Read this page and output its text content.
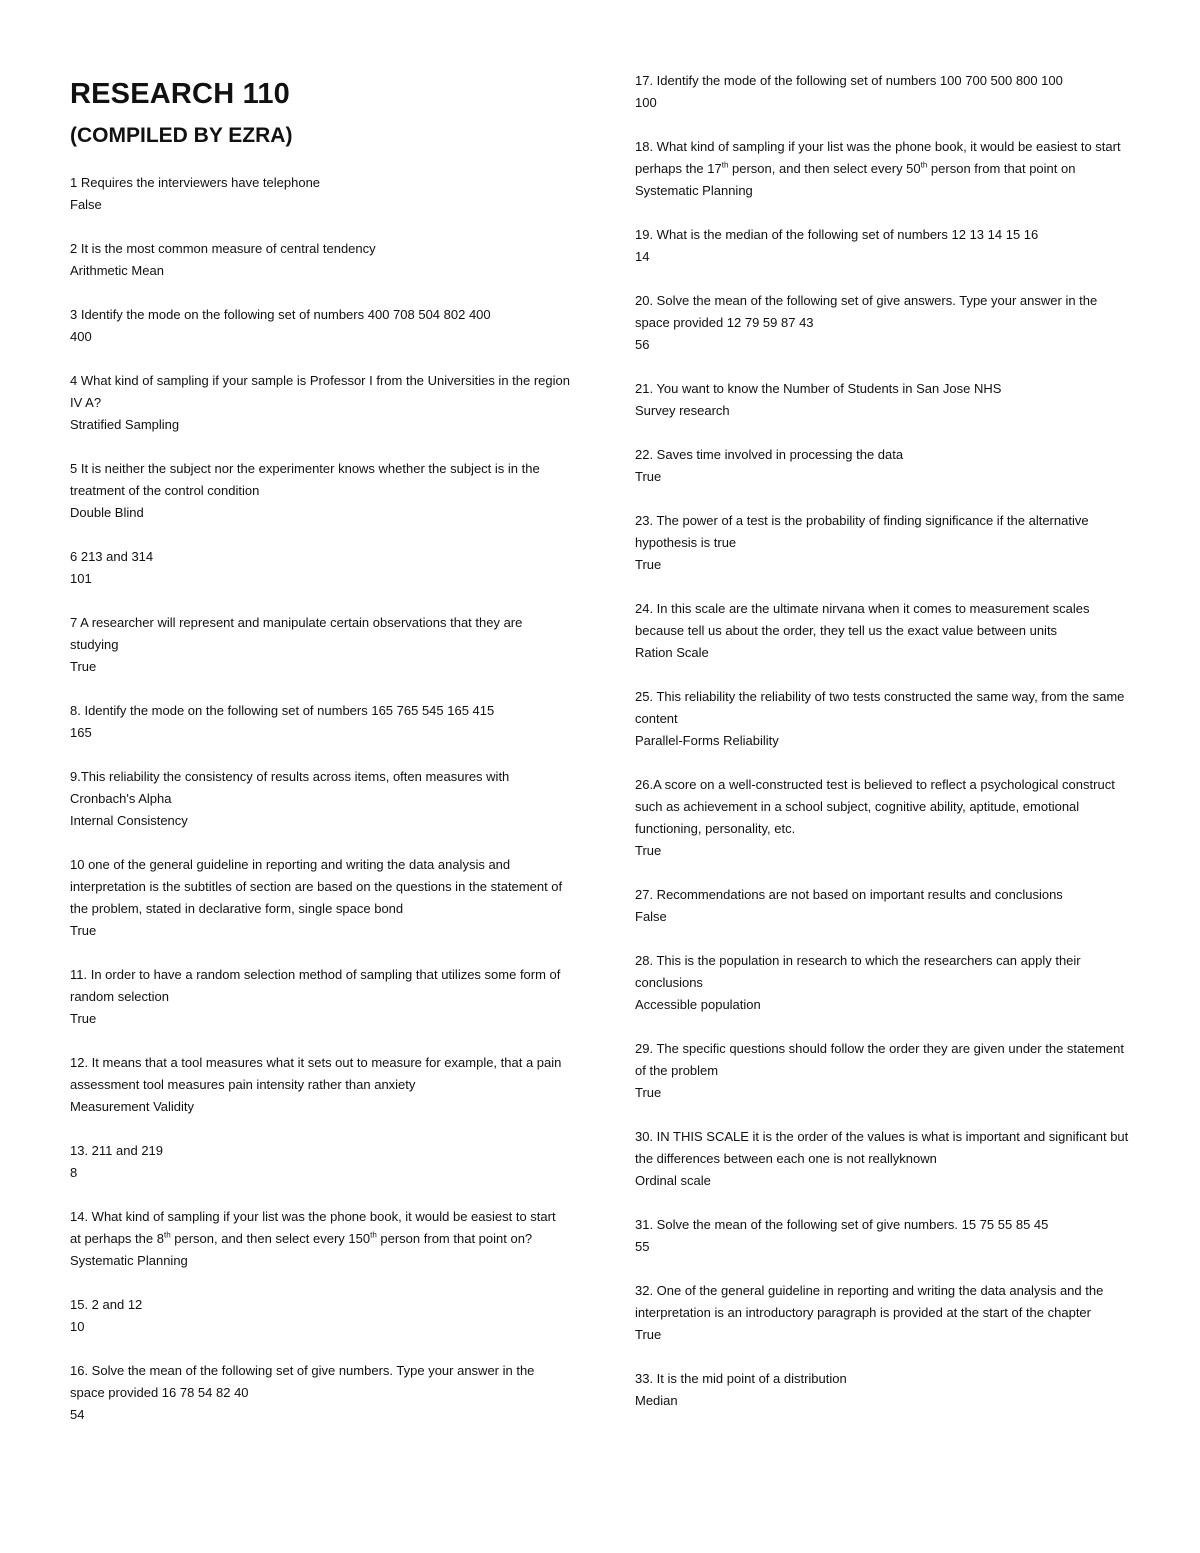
RESEARCH 110
(COMPILED BY EZRA)

1 Requires the interviewers have telephone

False

2 It is the most common measure of central tendency

Arithmetic Mean

3 Identify the mode on the following set of numbers 400 708 504 802 400

400

4 What kind of sampling if your sample is Professor I from the Universities in the region IV A?

Stratified Sampling

5 It is neither the subject nor the experimenter knows whether the subject is in the treatment of the control condition

Double Blind

6 213 and 314

101

7 A researcher will represent and manipulate certain observations that they are studying

True

8. Identify the mode on the following set of numbers 165 765 545 165 415

165

9.This reliability the consistency of results across items, often measures with Cronbach's Alpha

Internal Consistency

10 one of the general guideline in reporting and writing the data analysis and interpretation is the subtitles of section are based on the questions in the statement of the problem, stated in declarative form, single space bond

True

11. In order to have a random selection method of sampling that utilizes some form of random selection

True

12. It means that a tool measures what it sets out to measure for example, that a pain assessment tool measures pain intensity rather than anxiety

Measurement Validity

13. 211 and 219

8

14. What kind of sampling if your list was the phone book, it would be easiest to start at perhaps the 8th person, and then select every 150th person from that point on?

Systematic Planning

15. 2 and 12

10

16. Solve the mean of the following set of give numbers. Type your answer in the space provided 16 78 54 82 40

54

17. Identify the mode of the following set of numbers 100 700 500 800 100

100

18. What kind of sampling if your list was the phone book, it would be easiest to start perhaps the 17th person, and then select every 50th person from that point on

Systematic Planning

19. What is the median of the following set of numbers 12 13 14 15 16

14

20. Solve the mean of the following set of give answers. Type your answer in the space provided 12 79 59 87 43

56

21. You want to know the Number of Students in San Jose NHS

Survey research

22. Saves time involved in processing the data

True

23. The power of a test is the probability of finding significance if the alternative hypothesis is true

True

24. In this scale are the ultimate nirvana when it comes to measurement scales because tell us about the order, they tell us the exact value between units

Ration Scale

25. This reliability the reliability of two tests constructed the same way, from the same content

Parallel-Forms Reliability

26.A score on a well-constructed test is believed to reflect a psychological construct such as achievement in a school subject, cognitive ability, aptitude, emotional functioning, personality, etc.

True

27. Recommendations are not based on important results and conclusions

False

28. This is the population in research to which the researchers can apply their conclusions

Accessible population

29. The specific questions should follow the order they are given under the statement of the problem

True

30. IN THIS SCALE it is the order of the values is what is important and significant but the differences between each one is not reallyknown

Ordinal scale

31. Solve the mean of the following set of give numbers. 15 75 55 85 45

55

32. One of the general guideline in reporting and writing the data analysis and the interpretation is an introductory paragraph is provided at the start of the chapter

True

33. It is the mid point of a distribution

Median
